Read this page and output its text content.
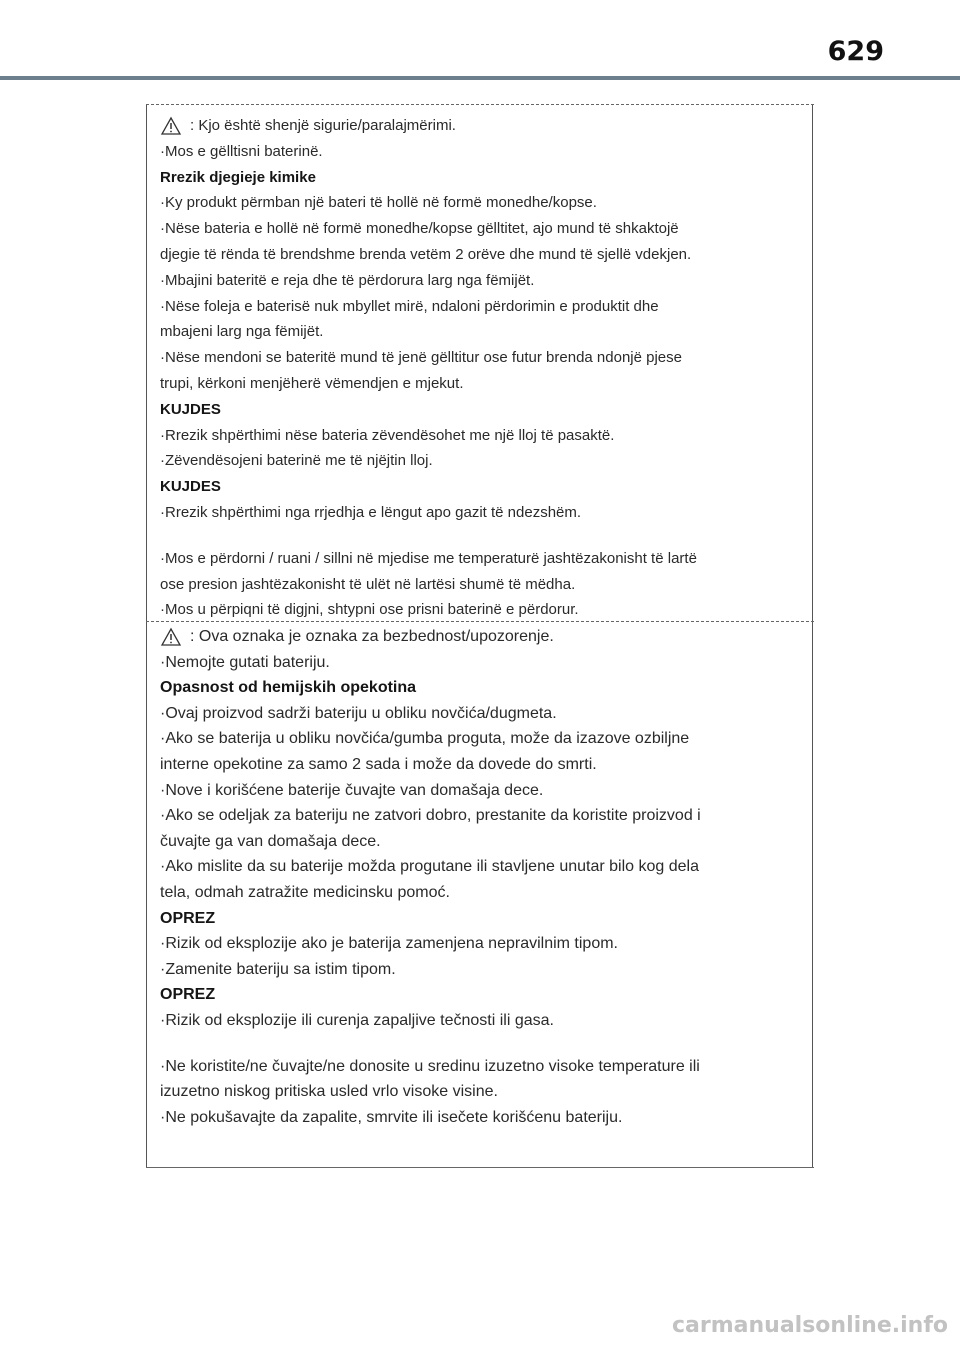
629
: Kjo është shenjë sigurie/paralajmërimi.
·Mos e gëlltisni baterinë.
Rrezik djegieje kimike
·Ky produkt përmban një bateri të hollë në formë monedhe/kopse.
·Nëse bateria e hollë në formë monedhe/kopse gëlltitet, ajo mund të shkaktojë
djegie të rënda të brendshme brenda vetëm 2 orëve dhe mund të sjellë vdekjen.
·Mbajini bateritë e reja dhe të përdorura larg nga fëmijët.
·Nëse foleja e baterisë nuk mbyllet mirë, ndaloni përdorimin e produktit dhe
mbajeni larg nga fëmijët.
·Nëse mendoni se bateritë mund të jenë gëlltitur ose futur brenda ndonjë pjese
trupi, kërkoni menjëherë vëmendjen e mjekut.
KUJDES
·Rrezik shpërthimi nëse bateria zëvendësohet me një lloj të pasaktë.
·Zëvendësojeni baterinë me të njëjtin lloj.
KUJDES
·Rrezik shpërthimi nga rrjedhja e lëngut apo gazit të ndezshëm.
·Mos e përdorni / ruani / sillni në mjedise me temperaturë jashtëzakonisht të lartë
ose presion jashtëzakonisht të ulët në lartësi shumë të mëdha.
·Mos u përpiqni të digjni, shtypni ose prisni baterinë e përdorur.
: Ova oznaka je oznaka za bezbednost/upozorenje.
·Nemojte gutati bateriju.
Opasnost od hemijskih opekotina
·Ovaj proizvod sadrži bateriju u obliku novčića/dugmeta.
·Ako se baterija u obliku novčića/gumba proguta, može da izazove ozbiljne
interne opekotine za samo 2 sada i može da dovede do smrti.
·Nove i korišćene baterije čuvajte van domašaja dece.
·Ako se odeljak za bateriju ne zatvori dobro, prestanite da koristite proizvod i
čuvajte ga van domašaja dece.
·Ako mislite da su baterije možda progutane ili stavljene unutar bilo kog dela
tela, odmah zatražite medicinsku pomoć.
OPREZ
·Rizik od eksplozije ako je baterija zamenjena nepravilnim tipom.
·Zamenite bateriju sa istim tipom.
OPREZ
·Rizik od eksplozije ili curenja zapaljive tečnosti ili gasa.
·Ne koristite/ne čuvajte/ne donosite u sredinu izuzetno visoke temperature ili
izuzetno niskog pritiska usled vrlo visoke visine.
·Ne pokušavajte da zapalite, smrvite ili isečete korišćenu bateriju.
carmanualsonline.info
